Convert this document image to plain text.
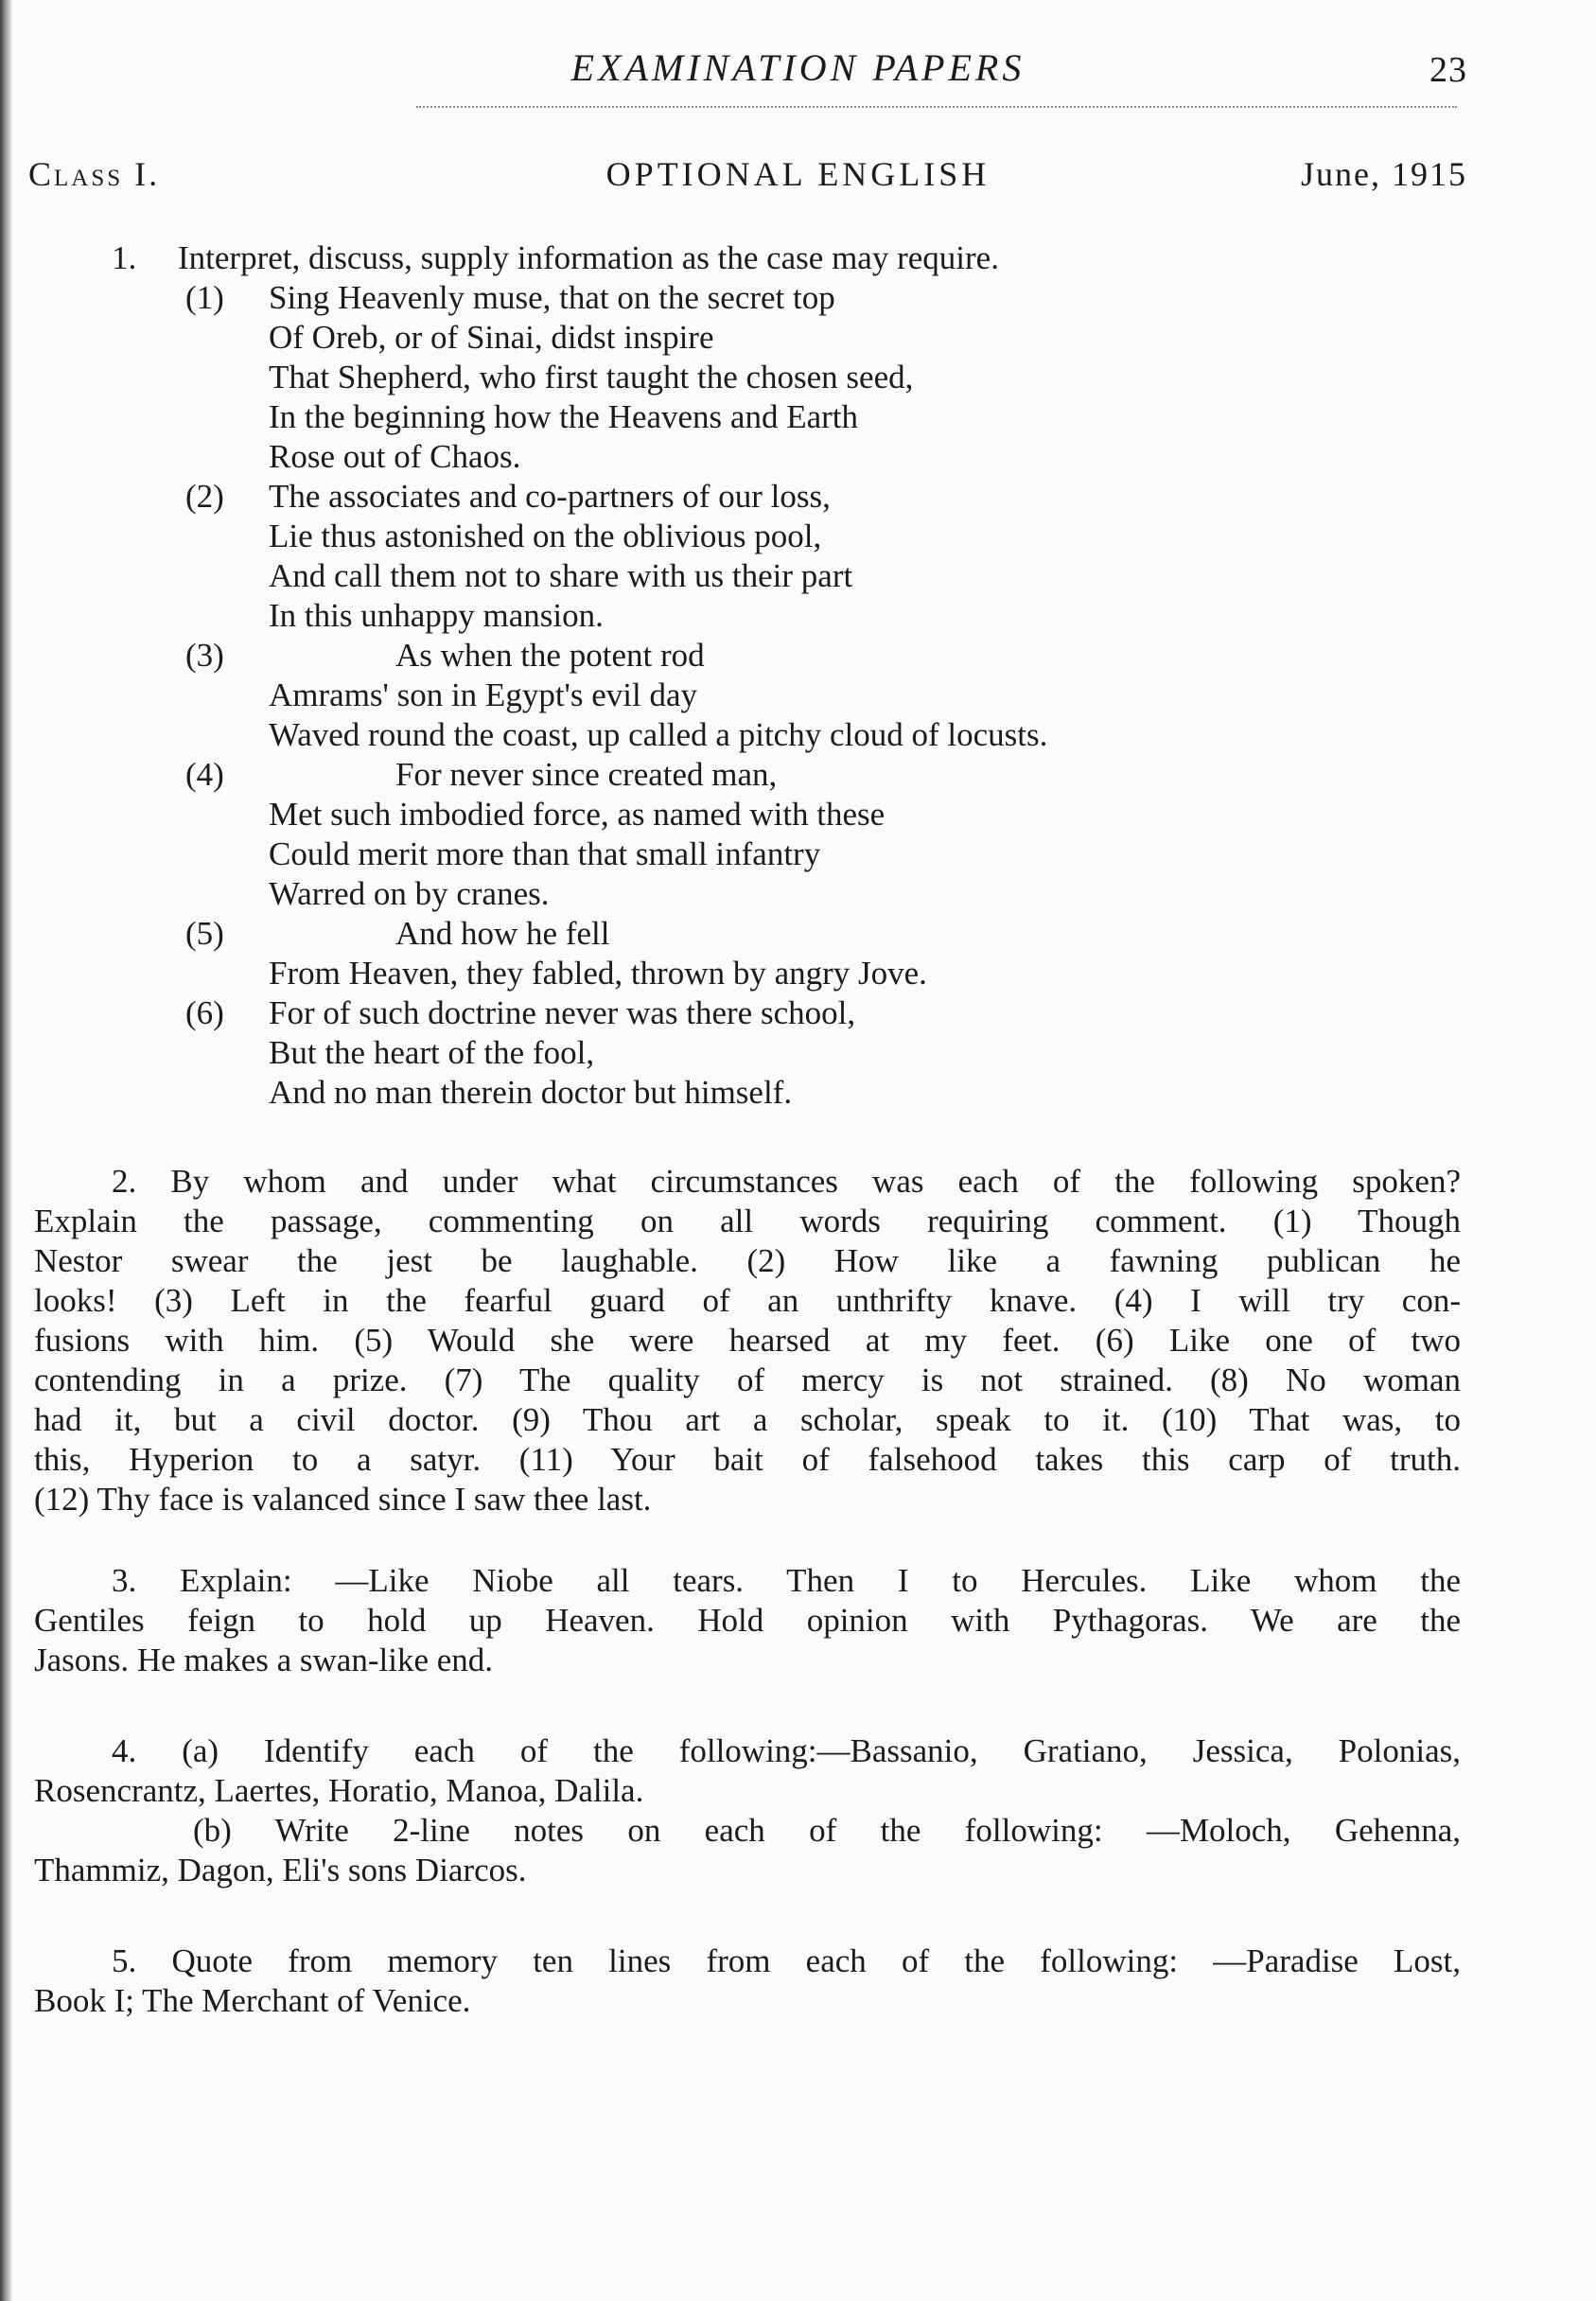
EXAMINATION PAPERS	23
Class I.	OPTIONAL ENGLISH	June, 1915
1. Interpret, discuss, supply information as the case may require.
(1) Sing Heavenly muse, that on the secret top
Of Oreb, or of Sinai, didst inspire
That Shepherd, who first taught the chosen seed,
In the beginning how the Heavens and Earth
Rose out of Chaos.
(2) The associates and co-partners of our loss,
Lie thus astonished on the oblivious pool,
And call them not to share with us their part
In this unhappy mansion.
(3)	As when the potent rod
Amrams' son in Egypt's evil day
Waved round the coast, up called a pitchy cloud of locusts.
(4)	For never since created man,
Met such imbodied force, as named with these
Could merit more than that small infantry
Warred on by cranes.
(5)	And how he fell
From Heaven, they fabled, thrown by angry Jove.
(6) For of such doctrine never was there school,
But the heart of the fool,
And no man therein doctor but himself.
2. By whom and under what circumstances was each of the following spoken?
Explain the passage, commenting on all words requiring comment. (1) Though
Nestor swear the jest be laughable. (2) How like a fawning publican he
looks! (3) Left in the fearful guard of an unthrifty knave. (4) I will try con-
fusions with him. (5) Would she were hearsed at my feet. (6) Like one of two
contending in a prize. (7) The quality of mercy is not strained. (8) No woman
had it, but a civil doctor. (9) Thou art a scholar, speak to it. (10) That was, to
this, Hyperion to a satyr. (11) Your bait of falsehood takes this carp of truth.
(12) Thy face is valanced since I saw thee last.
3. Explain: —Like Niobe all tears. Then I to Hercules. Like whom the
Gentiles feign to hold up Heaven. Hold opinion with Pythagoras. We are the
Jasons. He makes a swan-like end.
4. (a) Identify each of the following:—Bassanio, Gratiano, Jessica, Polonias,
Rosencrantz, Laertes, Horatio, Manoa, Dalila.
(b) Write 2-line notes on each of the following: —Moloch, Gehenna,
Thammiz, Dagon, Eli's sons Diarcos.
5. Quote from memory ten lines from each of the following: —Paradise Lost,
Book I; The Merchant of Venice.
